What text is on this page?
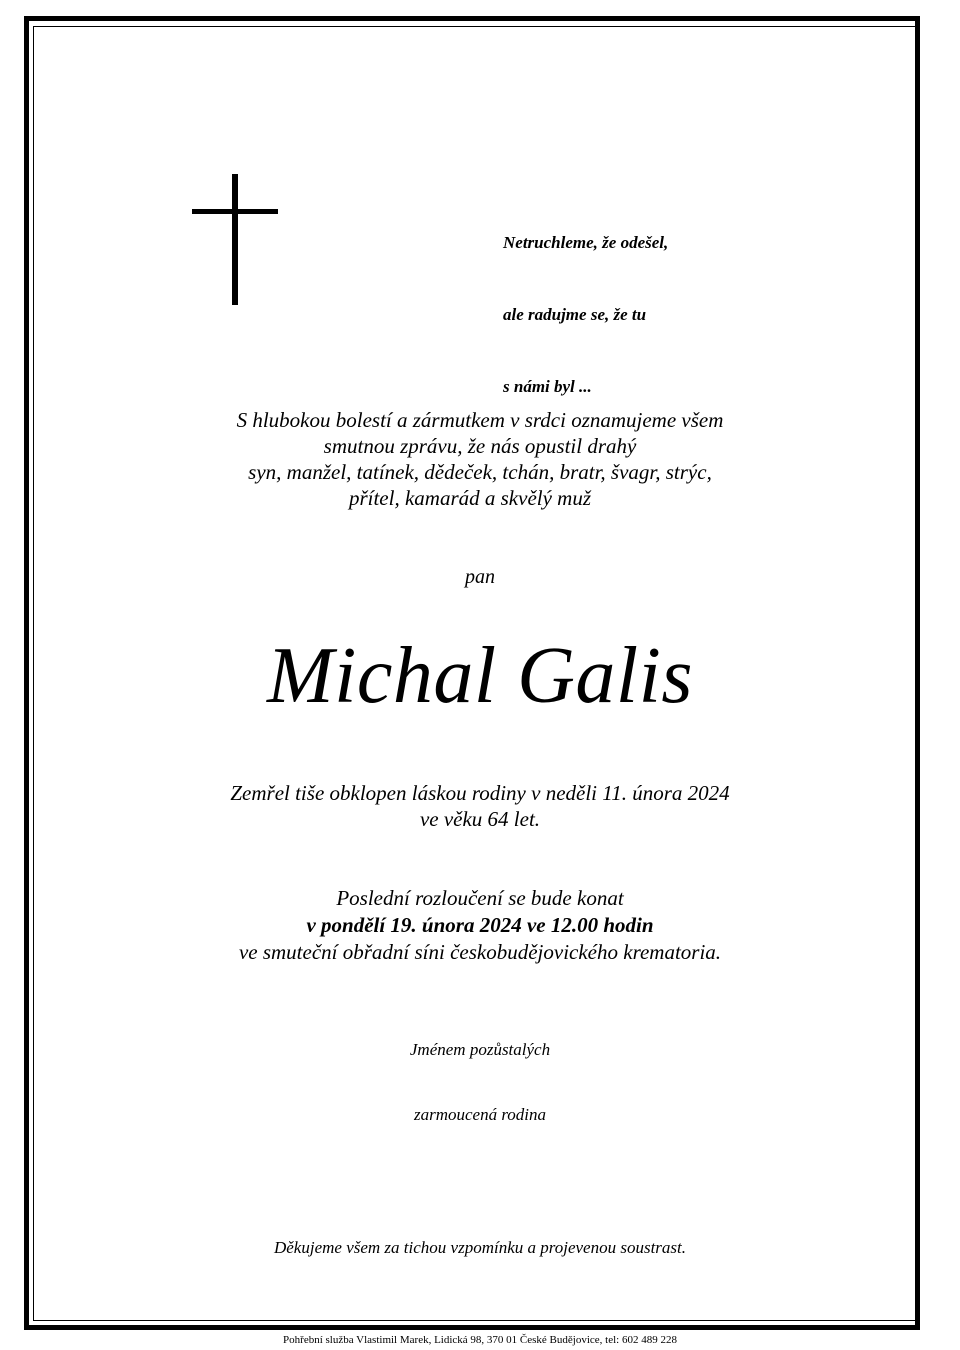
Netruchleme, že odešel,

ale radujme se, že tu

s námi byl ...

S hlubokou bolestí a zármutkem v srdci oznamujeme všem
smutnou zprávu, že nás opustil drahý
syn, manžel, tatínek, dědeček, tchán, bratr, švagr, strýc,
přítel, kamarád a skvělý muž
pan
Michal Galis
Zemřel tiše obklopen láskou rodiny v neděli 11. února 2024
ve věku 64 let.
Poslední rozloučení se bude konat
v pondělí 19. února 2024 ve 12.00 hodin
ve smuteční obřadní síni českobudějovického krematoria.
Jménem pozůstalých
zarmoucená rodina
Děkujeme všem za tichou vzpomínku a projevenou soustrast.
Pohřební služba Vlastimil Marek, Lidická 98, 370 01 České Budějovice, tel: 602 489 228
